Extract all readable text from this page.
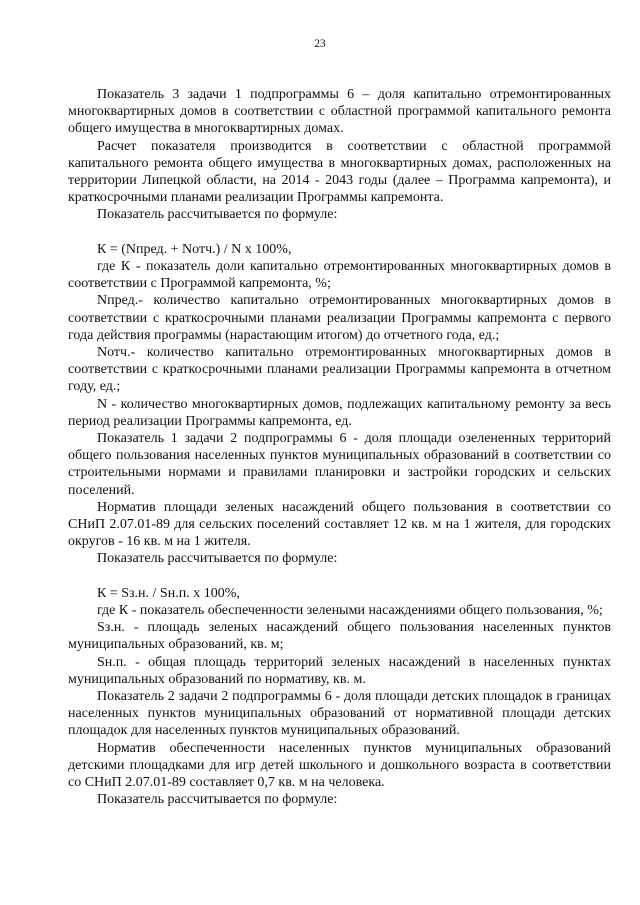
23

Показатель 3 задачи 1 подпрограммы 6 – доля капитально отремонтированных многоквартирных домов в соответствии с областной программой капитального ремонта общего имущества в многоквартирных домах.

Расчет показателя производится в соответствии с областной программой капитального ремонта общего имущества в многоквартирных домах, расположенных на территории Липецкой области, на 2014 - 2043 годы (далее – Программа капремонта), и краткосрочными планами реализации Программы капремонта.

Показатель рассчитывается по формуле:

К = (Nпред. + Nотч.) / N x 100%,

где К - показатель доли капитально отремонтированных многоквартирных домов в соответствии с Программой капремонта, %;

Nпред.- количество капитально отремонтированных многоквартирных домов в соответствии с краткосрочными планами реализации Программы капремонта с первого года действия программы (нарастающим итогом) до отчетного года, ед.;

Nотч.- количество капитально отремонтированных многоквартирных домов в соответствии с краткосрочными планами реализации Программы капремонта в отчетном году, ед.;

N - количество многоквартирных домов, подлежащих капитальному ремонту за весь период реализации Программы капремонта, ед.

Показатель 1 задачи 2 подпрограммы 6 - доля площади озелененных территорий общего пользования населенных пунктов муниципальных образований в соответствии со строительными нормами и правилами планировки и застройки городских и сельских поселений.

Норматив площади зеленых насаждений общего пользования в соответствии со СНиП 2.07.01-89 для сельских поселений составляет 12 кв. м на 1 жителя, для городских округов - 16 кв. м на 1 жителя.

Показатель рассчитывается по формуле:

К = Sз.н. / Sн.п. x 100%,

где К - показатель обеспеченности зелеными насаждениями общего пользования, %;

Sз.н. - площадь зеленых насаждений общего пользования населенных пунктов муниципальных образований, кв. м;

Sн.п. - общая площадь территорий зеленых насаждений в населенных пунктах муниципальных образований по нормативу, кв. м.

Показатель 2 задачи 2 подпрограммы 6 - доля площади детских площадок в границах населенных пунктов муниципальных образований от нормативной площади детских площадок для населенных пунктов муниципальных образований.

Норматив обеспеченности населенных пунктов муниципальных образований детскими площадками для игр детей школьного и дошкольного возраста в соответствии со СНиП 2.07.01-89 составляет 0,7 кв. м на человека.

Показатель рассчитывается по формуле:
